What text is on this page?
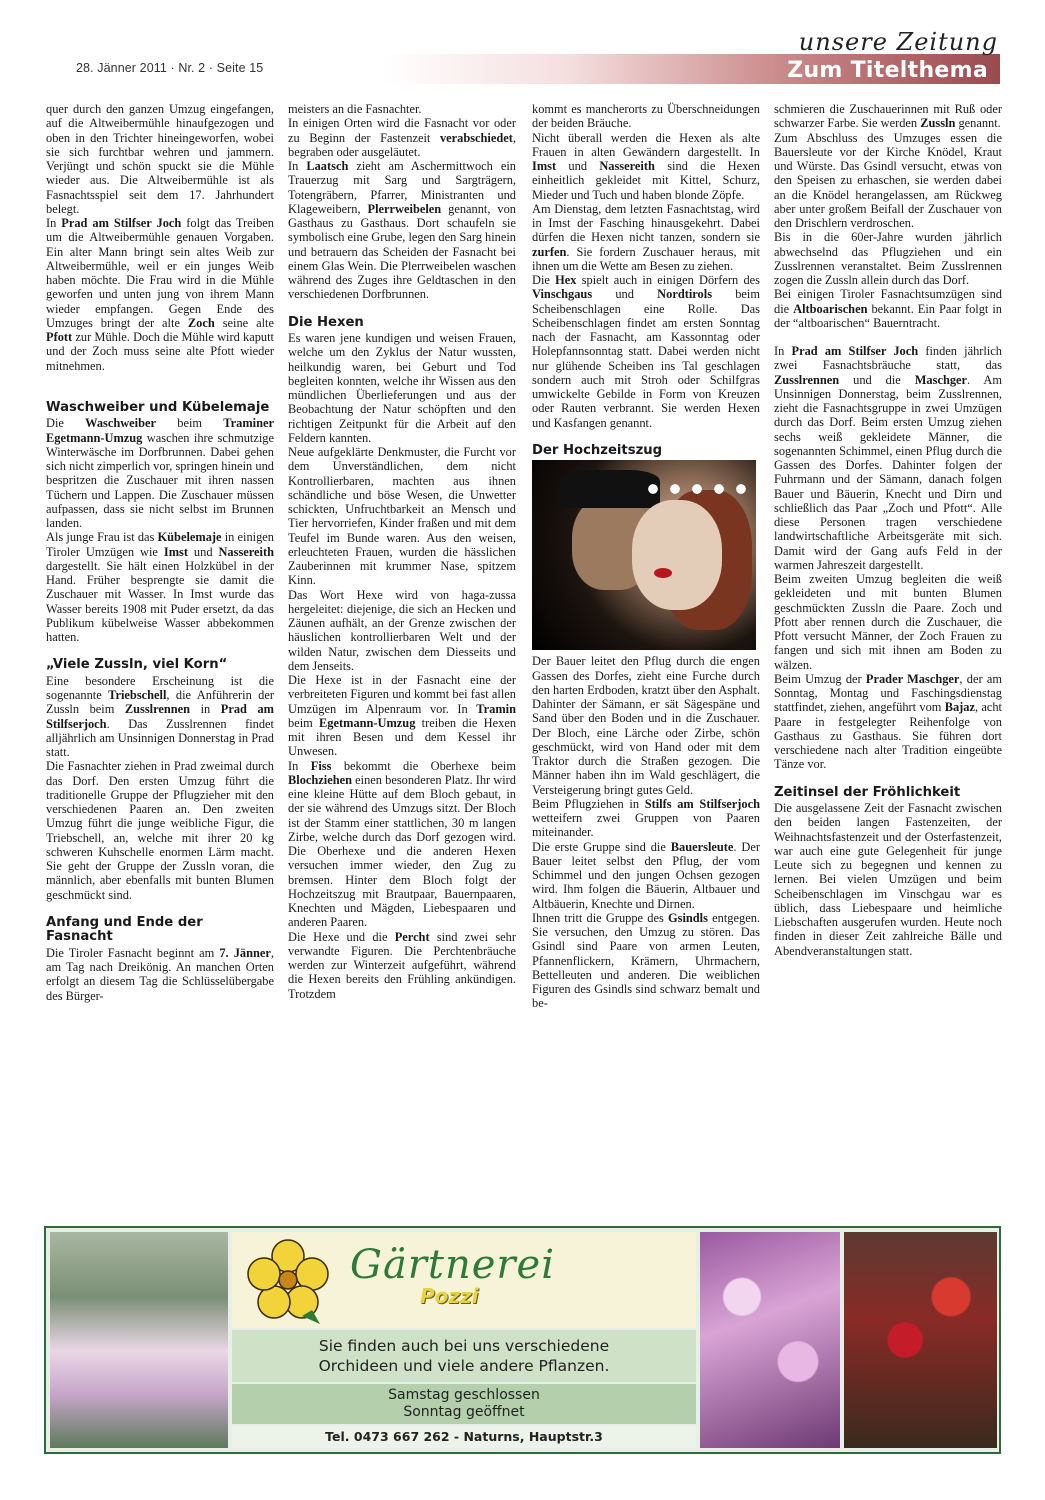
28. Jänner 2011 · Nr. 2 · Seite 15
unsere Zeitung
Zum Titelthema

quer durch den ganzen Umzug eingefangen, auf die Altweibermühle hinaufgezogen und oben in den Trichter hineingeworfen, wobei sie sich furchtbar wehren und jammern. Verjüngt und schön spuckt sie die Mühle wieder aus. Die Altweibermühle ist als Fasnachtsspiel seit dem 17. Jahrhundert belegt.

In Prad am Stilfser Joch folgt das Treiben um die Altweibermühle genauen Vorgaben. Ein alter Mann bringt sein altes Weib zur Altweibermühle, weil er ein junges Weib haben möchte. Die Frau wird in die Mühle geworfen und unten jung von ihrem Mann wieder empfangen. Gegen Ende des Umzuges bringt der alte Zoch seine alte Pfott zur Mühle. Doch die Mühle wird kaputt und der Zoch muss seine alte Pfott wieder mitnehmen.

Waschweiber und Kübelemaje

Die Waschweiber beim Traminer Egetmann-Umzug waschen ihre schmutzige Winterwäsche im Dorfbrunnen. Dabei gehen sich nicht zimperlich vor, springen hinein und bespritzen die Zuschauer mit ihren nassen Tüchern und Lappen. Die Zuschauer müssen aufpassen, dass sie nicht selbst im Brunnen landen.

Als junge Frau ist das Kübelemaje in einigen Tiroler Umzügen wie Imst und Nassereith dargestellt. Sie hält einen Holzkübel in der Hand. Früher besprengte sie damit die Zuschauer mit Wasser. In Imst wurde das Wasser bereits 1908 mit Puder ersetzt, da das Publikum kübelweise Wasser abbekommen hatten.

„Viele Zussln, viel Korn“

Eine besondere Erscheinung ist die sogenannte Triebschell, die Anführerin der Zussln beim Zusslrennen in Prad am Stilfserjoch. Das Zusslrennen findet alljährlich am Unsinnigen Donnerstag in Prad statt.

Die Fasnachter ziehen in Prad zweimal durch das Dorf. Den ersten Umzug führt die traditionelle Gruppe der Pflugzieher mit den verschiedenen Paaren an. Den zweiten Umzug führt die junge weibliche Figur, die Triebschell, an, welche mit ihrer 20 kg schweren Kuhschelle enormen Lärm macht. Sie geht der Gruppe der Zussln voran, die männlich, aber ebenfalls mit bunten Blumen geschmückt sind.

Anfang und Ende der Fasnacht

Die Tiroler Fasnacht beginnt am 7. Jänner, am Tag nach Dreikönig. An manchen Orten erfolgt an diesem Tag die Schlüsselübergabe des Bürger-

meisters an die Fasnachter.

In einigen Orten wird die Fasnacht vor oder zu Beginn der Fastenzeit verabschiedet, begraben oder ausgeläutet.

In Laatsch zieht am Aschermittwoch ein Trauerzug mit Sarg und Sargträgern, Totengräbern, Pfarrer, Ministranten und Klageweibern, Plerrweibelen genannt, von Gasthaus zu Gasthaus. Dort schaufeln sie symbolisch eine Grube, legen den Sarg hinein und betrauern das Scheiden der Fasnacht bei einem Glas Wein. Die Plerrweibelen waschen während des Zuges ihre Geldtaschen in den verschiedenen Dorfbrunnen.

Die Hexen

Es waren jene kundigen und weisen Frauen, welche um den Zyklus der Natur wussten, heilkundig waren, bei Geburt und Tod begleiten konnten, welche ihr Wissen aus den mündlichen Überlieferungen und aus der Beobachtung der Natur schöpften und den richtigen Zeitpunkt für die Arbeit auf den Feldern kannten.

Neue aufgeklärte Denkmuster, die Furcht vor dem Unverständlichen, dem nicht Kontrollierbaren, machten aus ihnen schändliche und böse Wesen, die Unwetter schickten, Unfruchtbarkeit an Mensch und Tier hervorriefen, Kinder fraßen und mit dem Teufel im Bunde waren. Aus den weisen, erleuchteten Frauen, wurden die hässlichen Zauberinnen mit krummer Nase, spitzem Kinn.

Das Wort Hexe wird von haga-zussa hergeleitet: diejenige, die sich an Hecken und Zäunen aufhält, an der Grenze zwischen der häuslichen kontrollierbaren Welt und der wilden Natur, zwischen dem Diesseits und dem Jenseits.

Die Hexe ist in der Fasnacht eine der verbreiteten Figuren und kommt bei fast allen Umzügen im Alpenraum vor. In Tramin beim Egetmann-Umzug treiben die Hexen mit ihren Besen und dem Kessel ihr Unwesen.

In Fiss bekommt die Oberhexe beim Blochziehen einen besonderen Platz. Ihr wird eine kleine Hütte auf dem Bloch gebaut, in der sie während des Umzugs sitzt. Der Bloch ist der Stamm einer stattlichen, 30 m langen Zirbe, welche durch das Dorf gezogen wird. Die Oberhexe und die anderen Hexen versuchen immer wieder, den Zug zu bremsen. Hinter dem Bloch folgt der Hochzeitszug mit Brautpaar, Bauernpaaren, Knechten und Mägden, Liebespaaren und anderen Paaren.

Die Hexe und die Percht sind zwei sehr verwandte Figuren. Die Perchtenbräuche werden zur Winterzeit aufgeführt, während die Hexen bereits den Frühling ankündigen. Trotzdem

kommt es mancherorts zu Überschneidungen der beiden Bräuche.

Nicht überall werden die Hexen als alte Frauen in alten Gewändern dargestellt. In Imst und Nassereith sind die Hexen einheitlich gekleidet mit Kittel, Schurz, Mieder und Tuch und haben blonde Zöpfe.

Am Dienstag, dem letzten Fasnachtstag, wird in Imst der Fasching hinausgekehrt. Dabei dürfen die Hexen nicht tanzen, sondern sie zurfen. Sie fordern Zuschauer heraus, mit ihnen um die Wette am Besen zu ziehen.

Die Hex spielt auch in einigen Dörfern des Vinschgaus und Nordtirols beim Scheibenschlagen eine Rolle. Das Scheibenschlagen findet am ersten Sonntag nach der Fasnacht, am Kassonntag oder Holepfannsonntag statt. Dabei werden nicht nur glühende Scheiben ins Tal geschlagen sondern auch mit Stroh oder Schilfgras umwickelte Gebilde in Form von Kreuzen oder Rauten verbrannt. Sie werden Hexen und Kasfangen genannt.

Der Hochzeitszug

Der Bauer leitet den Pflug durch die engen Gassen des Dorfes, zieht eine Furche durch den harten Erdboden, kratzt über den Asphalt. Dahinter der Sämann, er sät Sägespäne und Sand über den Boden und in die Zuschauer. Der Bloch, eine Lärche oder Zirbe, schön geschmückt, wird von Hand oder mit dem Traktor durch die Straßen gezogen. Die Männer haben ihn im Wald geschlägert, die Versteigerung bringt gutes Geld.

Beim Pflugziehen in Stilfs am Stilfserjoch wetteifern zwei Gruppen von Paaren miteinander.

Die erste Gruppe sind die Bauersleute. Der Bauer leitet selbst den Pflug, der vom Schimmel und den jungen Ochsen gezogen wird. Ihm folgen die Bäuerin, Altbauer und Altbäuerin, Knechte und Dirnen.

Ihnen tritt die Gruppe des Gsindls entgegen. Sie versuchen, den Umzug zu stören. Das Gsindl sind Paare von armen Leuten, Pfannenflickern, Krämern, Uhrmachern, Bettelleuten und anderen. Die weiblichen Figuren des Gsindls sind schwarz bemalt und be-

schmieren die Zuschauerinnen mit Ruß oder schwarzer Farbe. Sie werden Zussln genannt.

Zum Abschluss des Umzuges essen die Bauersleute vor der Kirche Knödel, Kraut und Würste. Das Gsindl versucht, etwas von den Speisen zu erhaschen, sie werden dabei an die Knödel herangelassen, am Rückweg aber unter großem Beifall der Zuschauer von den Drischlern verdroschen.

Bis in die 60er-Jahre wurden jährlich abwechselnd das Pflugziehen und ein Zusslrennen veranstaltet. Beim Zusslrennen zogen die Zussln allein durch das Dorf.

Bei einigen Tiroler Fasnachtsumzügen sind die Altboarischen bekannt. Ein Paar folgt in der “altboarischen“ Bauerntracht.

In Prad am Stilfser Joch finden jährlich zwei Fasnachtsbräuche statt, das Zusslrennen und die Maschger. Am Unsinnigen Donnerstag, beim Zusslrennen, zieht die Fasnachtsgruppe in zwei Umzügen durch das Dorf. Beim ersten Umzug ziehen sechs weiß gekleidete Männer, die sogenannten Schimmel, einen Pflug durch die Gassen des Dorfes. Dahinter folgen der Fuhrmann und der Sämann, danach folgen Bauer und Bäuerin, Knecht und Dirn und schließlich das Paar „Zoch und Pfott“. Alle diese Personen tragen verschiedene landwirtschaftliche Arbeitsgeräte mit sich. Damit wird der Gang aufs Feld in der warmen Jahreszeit dargestellt.

Beim zweiten Umzug begleiten die weiß gekleideten und mit bunten Blumen geschmückten Zussln die Paare. Zoch und Pfott aber rennen durch die Zuschauer, die Pfott versucht Männer, der Zoch Frauen zu fangen und sich mit ihnen am Boden zu wälzen.

Beim Umzug der Prader Maschger, der am Sonntag, Montag und Faschingsdienstag stattfindet, ziehen, angeführt vom Bajaz, acht Paare in festgelegter Reihenfolge von Gasthaus zu Gasthaus. Sie führen dort verschiedene nach alter Tradition eingeübte Tänze vor.

Zeitinsel der Fröhlichkeit

Die ausgelassene Zeit der Fasnacht zwischen den beiden langen Fastenzeiten, der Weihnachtsfastenzeit und der Osterfastenzeit, war auch eine gute Gelegenheit für junge Leute sich zu begegnen und kennen zu lernen. Bei vielen Umzügen und beim Scheibenschlagen im Vinschgau war es üblich, dass Liebespaare und heimliche Liebschaften ausgerufen wurden. Heute noch finden in dieser Zeit zahlreiche Bälle und Abendveranstaltungen statt.

Gärtnerei
Pozzi
Sie finden auch bei uns verschiedene
Orchideen und viele andere Pflanzen.
Samstag geschlossen
Sonntag geöffnet
Tel. 0473 667 262 - Naturns, Hauptstr.3
